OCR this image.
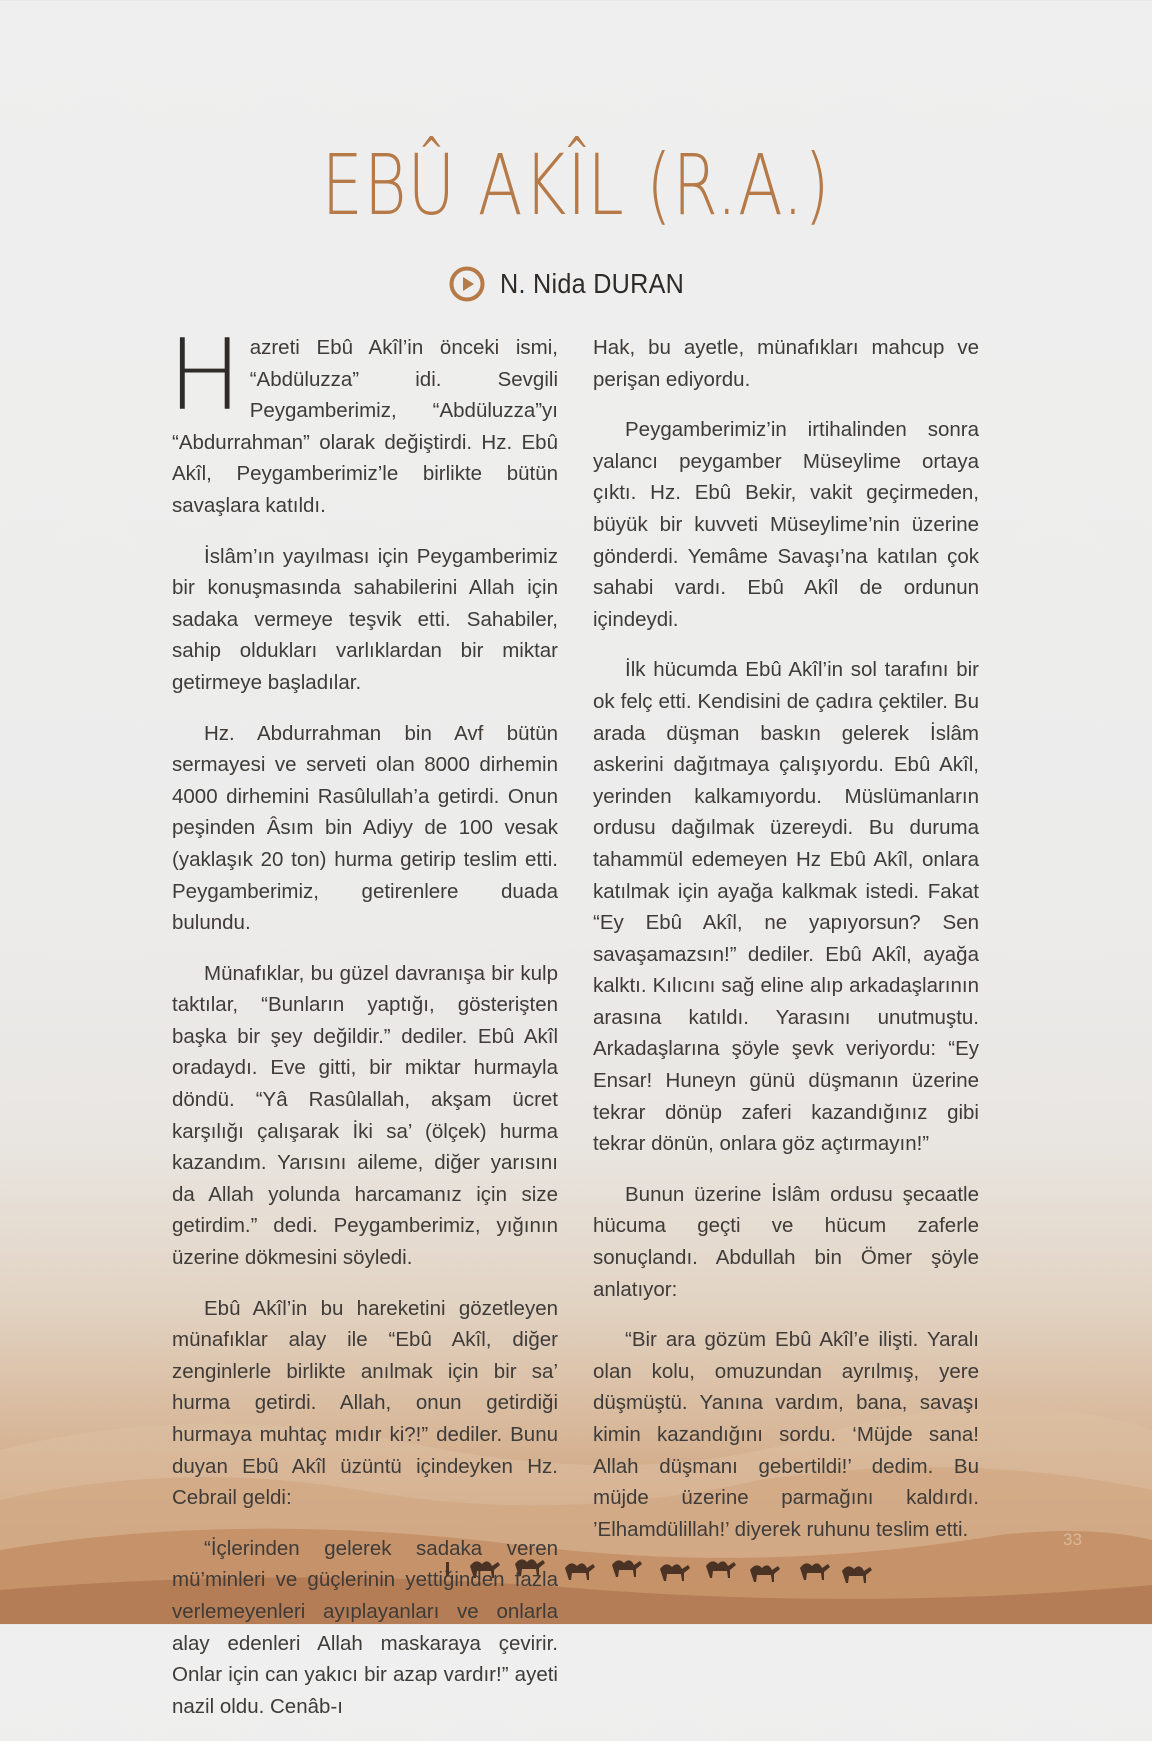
EBÛ AKÎL (R.A.)
N. Nida DURAN

Hazreti Ebû Akîl’in önceki ismi, “Abdüluzza” idi. Sevgili Peygamberimiz, “Abdüluzza”yı “Abdurrahman” olarak değiştirdi. Hz. Ebû Akîl, Peygamberimiz’le birlikte bütün savaşlara katıldı.

İslâm’ın yayılması için Peygamberimiz bir konuşmasında sahabilerini Allah için sadaka vermeye teşvik etti. Sahabiler, sahip oldukları varlıklardan bir miktar getirmeye başladılar.

Hz. Abdurrahman bin Avf bütün sermayesi ve serveti olan 8000 dirhemin 4000 dirhemini Rasûlullah’a getirdi. Onun peşinden Âsım bin Adiyy de 100 vesak (yaklaşık 20 ton) hurma getirip teslim etti. Peygamberimiz, getirenlere duada bulundu.

Münafıklar, bu güzel davranışa bir kulp taktılar, “Bunların yaptığı, gösterişten başka bir şey değildir.” dediler. Ebû Akîl oradaydı. Eve gitti, bir miktar hurmayla döndü. “Yâ Rasûlallah, akşam ücret karşılığı çalışarak İki sa’ (ölçek) hurma kazandım. Yarısını aileme, diğer yarısını da Allah yolunda harcamanız için size getirdim.” dedi. Peygamberimiz, yığının üzerine dökmesini söyledi.

Ebû Akîl’in bu hareketini gözetleyen münafıklar alay ile “Ebû Akîl, diğer zenginlerle birlikte anılmak için bir sa’ hurma getirdi. Allah, onun getirdiği hurmaya muhtaç mıdır ki?!” dediler. Bunu duyan Ebû Akîl üzüntü içindeyken Hz. Cebrail geldi:

“İçlerinden gelerek sadaka veren mü’minleri ve güçlerinin yettiğinden fazla verlemeyenleri ayıplayanları ve onlarla alay edenleri Allah maskaraya çevirir. Onlar için can yakıcı bir azap vardır!” ayeti nazil oldu. Cenâb-ı

Hak, bu ayetle, münafıkları mahcup ve perişan ediyordu.

Peygamberimiz’in irtihalinden sonra yalancı peygamber Müseylime ortaya çıktı. Hz. Ebû Bekir, vakit geçirmeden, büyük bir kuvveti Müseylime’nin üzerine gönderdi. Yemâme Savaşı’na katılan çok sahabi vardı. Ebû Akîl de ordunun içindeydi.

İlk hücumda Ebû Akîl’in sol tarafını bir ok felç etti. Kendisini de çadıra çektiler. Bu arada düşman baskın gelerek İslâm askerini dağıtmaya çalışıyordu. Ebû Akîl, yerinden kalkamıyordu. Müslümanların ordusu dağılmak üzereydi. Bu duruma tahammül edemeyen Hz Ebû Akîl, onlara katılmak için ayağa kalkmak istedi. Fakat “Ey Ebû Akîl, ne yapıyorsun? Sen savaşamazsın!” dediler. Ebû Akîl, ayağa kalktı. Kılıcını sağ eline alıp arkadaşlarının arasına katıldı. Yarasını unutmuştu. Arkadaşlarına şöyle şevk veriyordu: “Ey Ensar! Huneyn günü düşmanın üzerine tekrar dönüp zaferi kazandığınız gibi tekrar dönün, onlara göz açtırmayın!”

Bunun üzerine İslâm ordusu şecaatle hücuma geçti ve hücum zaferle sonuçlandı. Abdullah bin Ömer şöyle anlatıyor:

“Bir ara gözüm Ebû Akîl’e ilişti. Yaralı olan kolu, omuzundan ayrılmış, yere düşmüştü. Yanına vardım, bana, savaşı kimin kazandığını sordu. ‘Müjde sana! Allah düşmanı gebertildi!’ dedim. Bu müjde üzerine parmağını kaldırdı. ’Elhamdülillah!’ diyerek ruhunu teslim etti.	33
